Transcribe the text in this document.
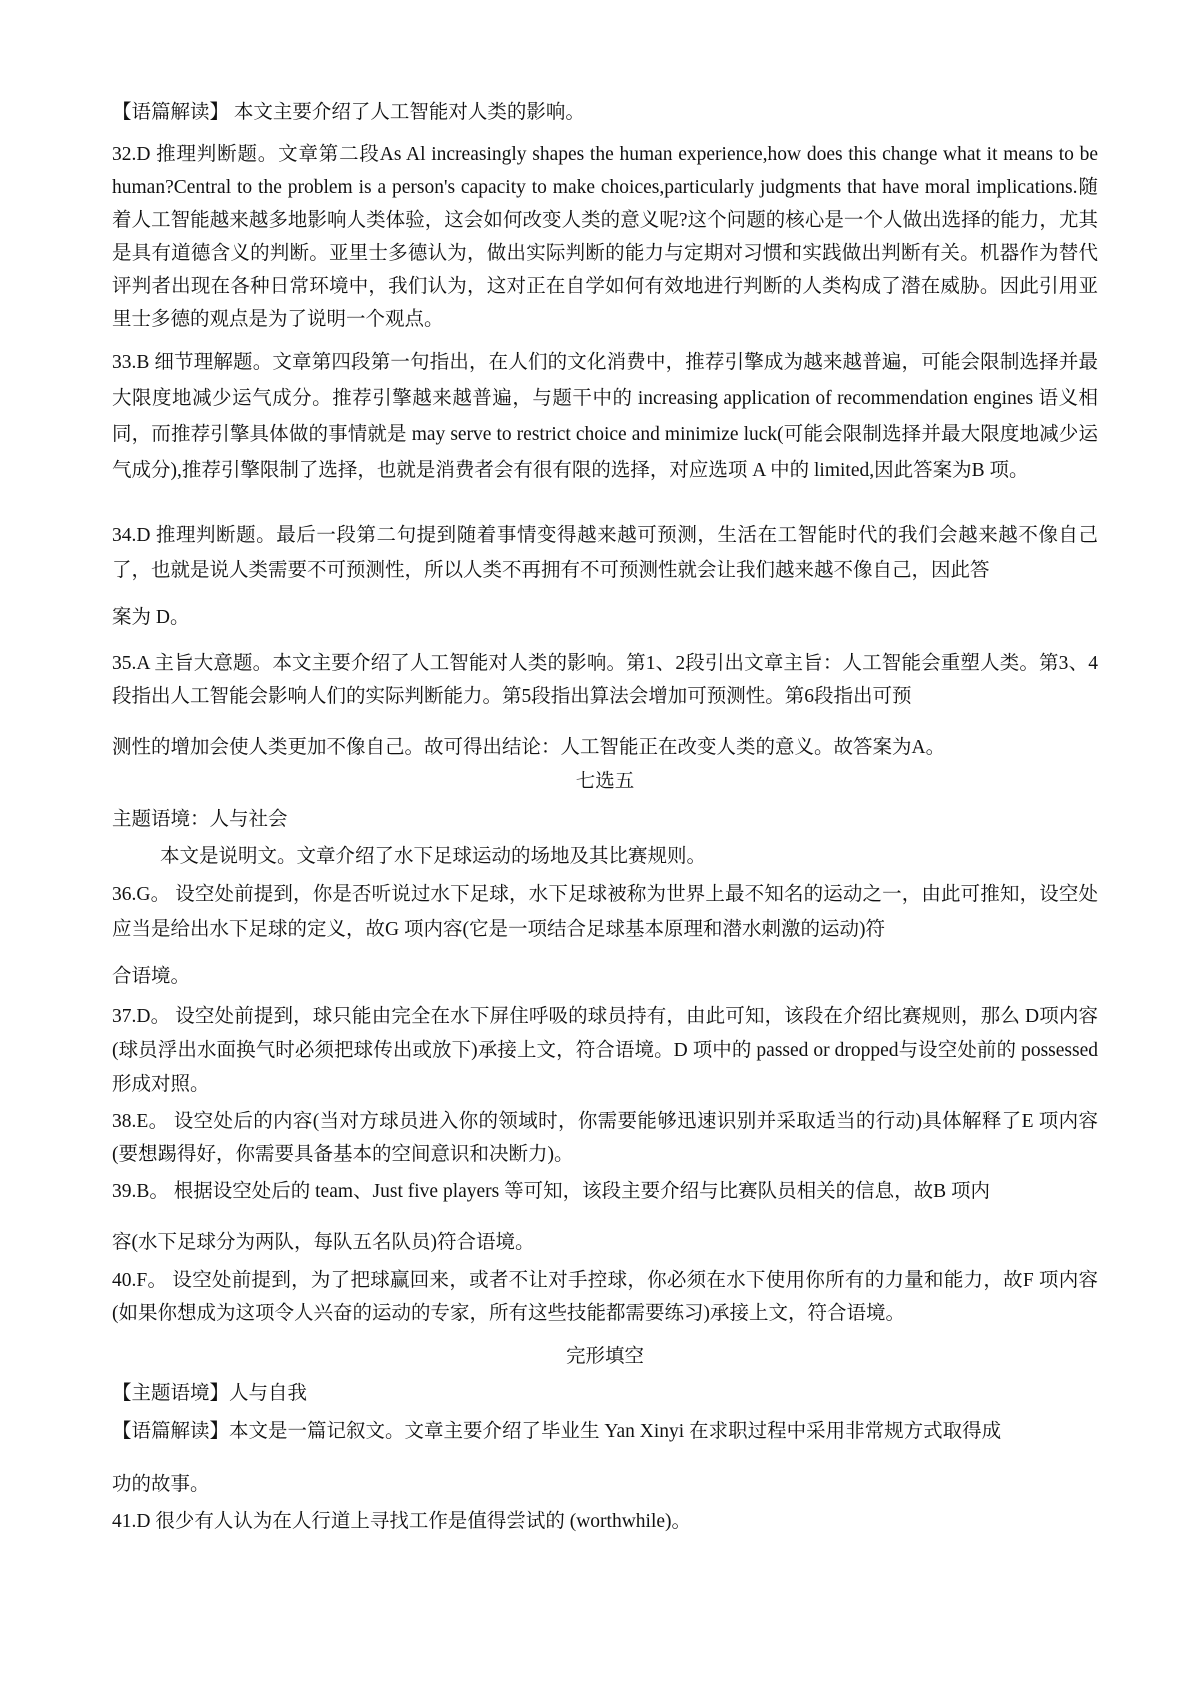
【语篇解读】 本文主要介绍了人工智能对人类的影响。

32.D 推理判断题。文章第二段As Al increasingly shapes the human experience,how does this change what it means to be human?Central to the problem is a person's capacity to make choices,particularly judgments that have moral implications.随着人工智能越来越多地影响人类体验，这会如何改变人类的意义呢?这个问题的核心是一个人做出选择的能力，尤其是具有道德含义的判断。亚里士多德认为，做出实际判断的能力与定期对习惯和实践做出判断有关。机器作为替代评判者出现在各种日常环境中，我们认为，这对正在自学如何有效地进行判断的人类构成了潜在威胁。因此引用亚里士多德的观点是为了说明一个观点。

33.B 细节理解题。文章第四段第一句指出，在人们的文化消费中，推荐引擎成为越来越普遍，可能会限制选择并最大限度地减少运气成分。推荐引擎越来越普遍，与题干中的 increasing application of recommendation engines 语义相同，而推荐引擎具体做的事情就是 may serve to restrict choice and minimize luck(可能会限制选择并最大限度地减少运气成分),推荐引擎限制了选择，也就是消费者会有很有限的选择，对应选项 A 中的 limited,因此答案为B 项。

34.D 推理判断题。最后一段第二句提到随着事情变得越来越可预测，生活在工智能时代的我们会越来越不像自己了，也就是说人类需要不可预测性，所以人类不再拥有不可预测性就会让我们越来越不像自己，因此答

案为 D。

35.A 主旨大意题。本文主要介绍了人工智能对人类的影响。第1、2段引出文章主旨：人工智能会重塑人类。第3、4段指出人工智能会影响人们的实际判断能力。第5段指出算法会增加可预测性。第6段指出可预

测性的增加会使人类更加不像自己。故可得出结论：人工智能正在改变人类的意义。故答案为A。

七选五

主题语境：人与社会

本文是说明文。文章介绍了水下足球运动的场地及其比赛规则。

36.G。 设空处前提到，你是否听说过水下足球，水下足球被称为世界上最不知名的运动之一，由此可推知，设空处应当是给出水下足球的定义，故G 项内容(它是一项结合足球基本原理和潜水刺激的运动)符

合语境。

37.D。 设空处前提到，球只能由完全在水下屏住呼吸的球员持有，由此可知，该段在介绍比赛规则，那么 D项内容(球员浮出水面换气时必须把球传出或放下)承接上文，符合语境。D 项中的 passed or dropped与设空处前的 possessed 形成对照。

38.E。 设空处后的内容(当对方球员进入你的领域时，你需要能够迅速识别并采取适当的行动)具体解释了E 项内容(要想踢得好，你需要具备基本的空间意识和决断力)。

39.B。 根据设空处后的 team、Just five players 等可知，该段主要介绍与比赛队员相关的信息，故B 项内

容(水下足球分为两队，每队五名队员)符合语境。

40.F。 设空处前提到，为了把球赢回来，或者不让对手控球，你必须在水下使用你所有的力量和能力，故F 项内容(如果你想成为这项令人兴奋的运动的专家，所有这些技能都需要练习)承接上文，符合语境。

完形填空

【主题语境】人与自我

【语篇解读】本文是一篇记叙文。文章主要介绍了毕业生 Yan Xinyi 在求职过程中采用非常规方式取得成

功的故事。

41.D 很少有人认为在人行道上寻找工作是值得尝试的 (worthwhile)。
